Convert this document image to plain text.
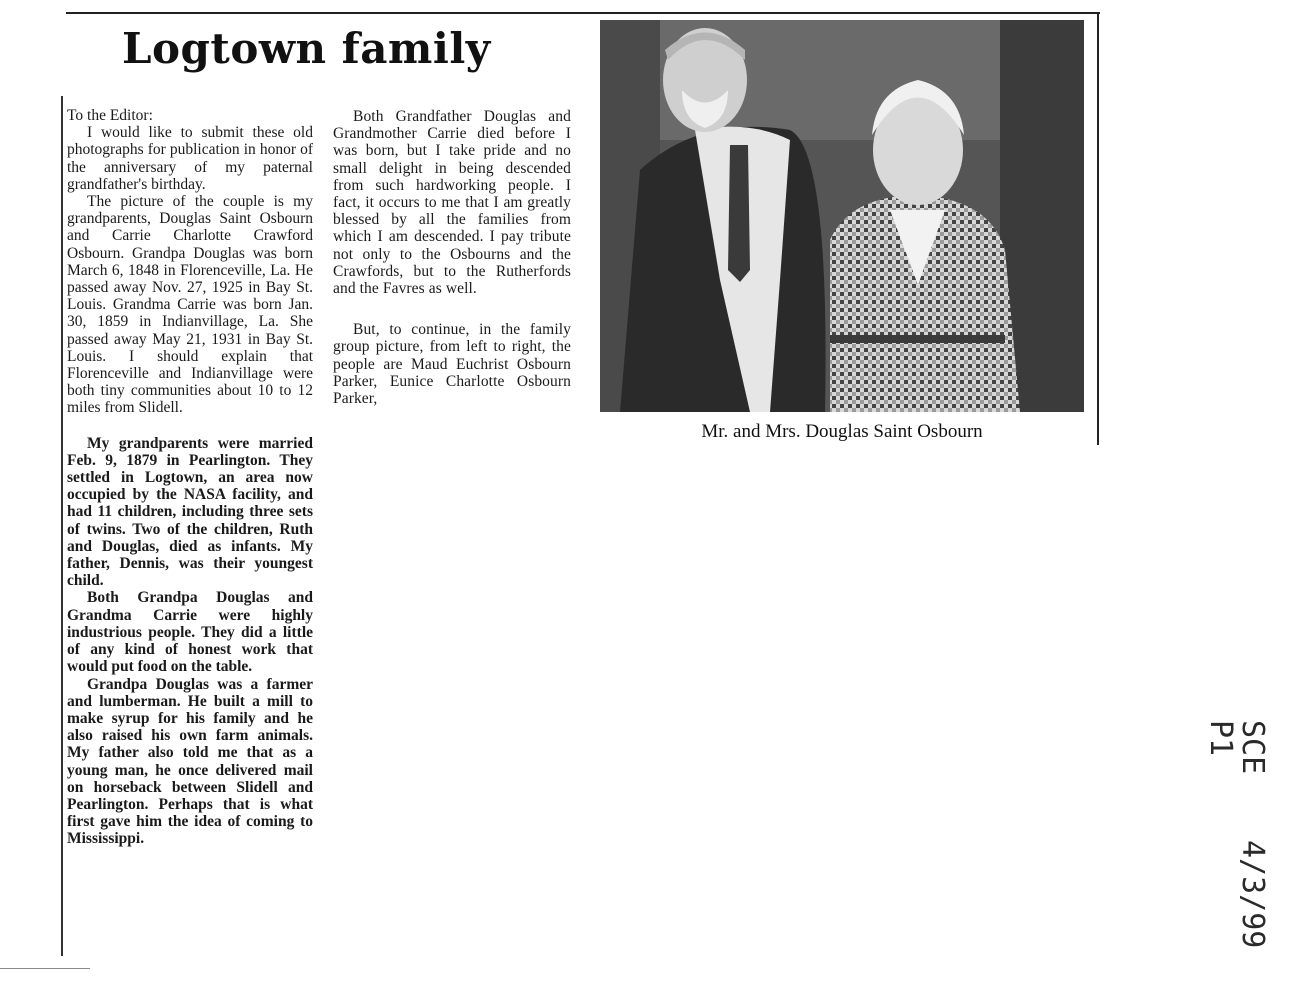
Logtown family

To the Editor:

I would like to submit these old photographs for publication in honor of the anniversary of my paternal grandfather's birthday.

The picture of the couple is my grandparents, Douglas Saint Osbourn and Carrie Charlotte Crawford Osbourn. Grandpa Douglas was born March 6, 1848 in Florenceville, La. He passed away Nov. 27, 1925 in Bay St. Louis. Grandma Carrie was born Jan. 30, 1859 in Indianvillage, La. She passed away May 21, 1931 in Bay St. Louis. I should explain that Florenceville and Indianvillage were both tiny communities about 10 to 12 miles from Slidell.

My grandparents were married Feb. 9, 1879 in Pearlington. They settled in Logtown, an area now occupied by the NASA facility, and had 11 children, including three sets of twins. Two of the children, Ruth and Douglas, died as infants. My father, Dennis, was their youngest child.

Both Grandpa Douglas and Grandma Carrie were highly industrious people. They did a little of any kind of honest work that would put food on the table.

Grandpa Douglas was a farmer and lumberman. He built a mill to make syrup for his family and he also raised his own farm animals. My father also told me that as a young man, he once delivered mail on horseback between Slidell and Pearlington. Perhaps that is what first gave him the idea of coming to Mississippi.

Both Grandfather Douglas and Grandmother Carrie died before I was born, but I take pride and no small delight in being descended from such hardworking people. I fact, it occurs to me that I am greatly blessed by all the families from which I am descended. I pay tribute not only to the Osbourns and the Crawfords, but to the Rutherfords and the Favres as well.

But, to continue, in the family group picture, from left to right, the people are Maud Euchrist Osbourn Parker, Eunice Charlotte Osbourn Parker,

Mr. and Mrs. Douglas Saint Osbourn

SCE
4/3/99
P1
